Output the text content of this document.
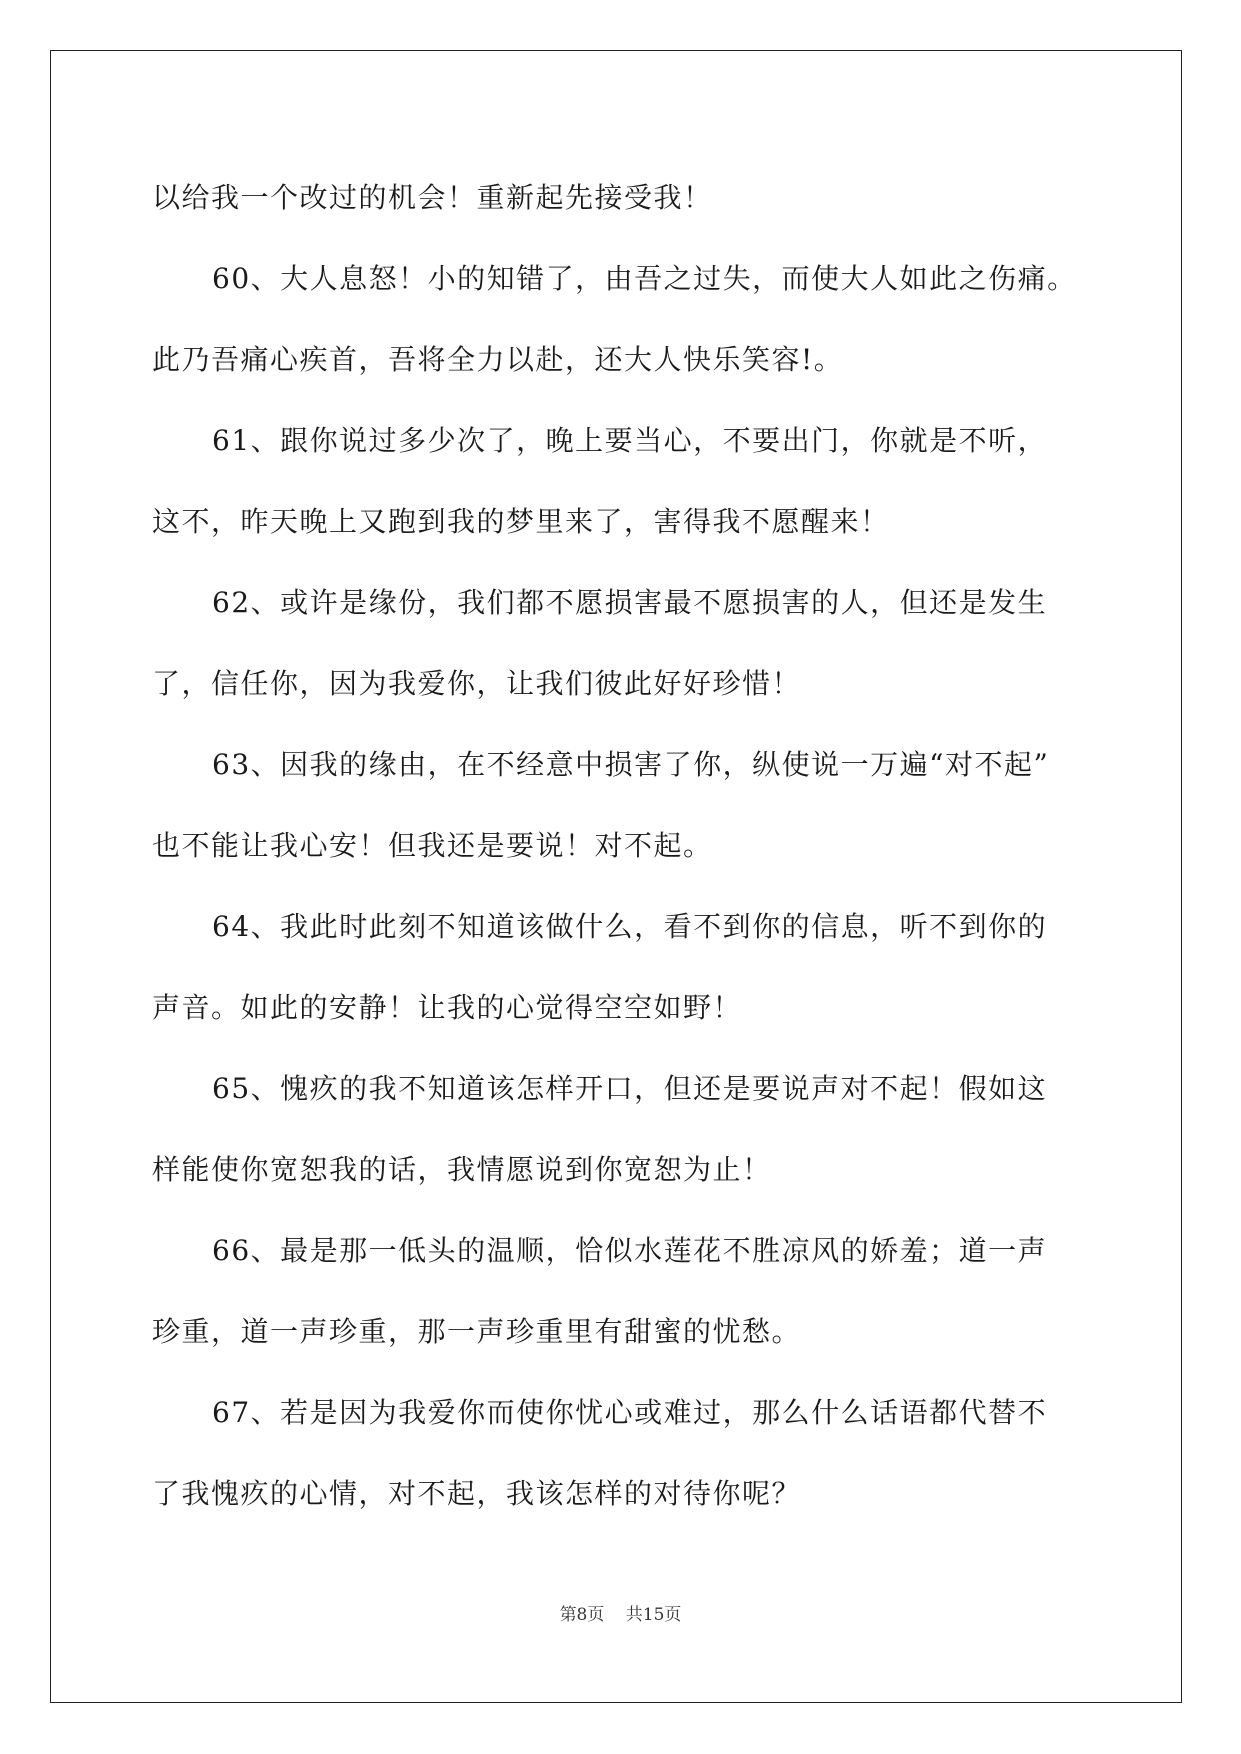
以给我一个改过的机会！重新起先接受我！
60、大人息怒！小的知错了，由吾之过失，而使大人如此之伤痛。
此乃吾痛心疾首，吾将全力以赴，还大人快乐笑容!。
61、跟你说过多少次了，晚上要当心，不要出门，你就是不听，
这不，昨天晚上又跑到我的梦里来了，害得我不愿醒来！
62、或许是缘份，我们都不愿损害最不愿损害的人，但还是发生
了，信任你，因为我爱你，让我们彼此好好珍惜！
63、因我的缘由，在不经意中损害了你，纵使说一万遍“对不起”
也不能让我心安！但我还是要说！对不起。
64、我此时此刻不知道该做什么，看不到你的信息，听不到你的
声音。如此的安静！让我的心觉得空空如野！
65、愧疚的我不知道该怎样开口，但还是要说声对不起！假如这
样能使你宽恕我的话，我情愿说到你宽恕为止！
66、最是那一低头的温顺，恰似水莲花不胜凉风的娇羞；道一声
珍重，道一声珍重，那一声珍重里有甜蜜的忧愁。
67、若是因为我爱你而使你忧心或难过，那么什么话语都代替不
了我愧疚的心情，对不起，我该怎样的对待你呢？
第8页 共15页
